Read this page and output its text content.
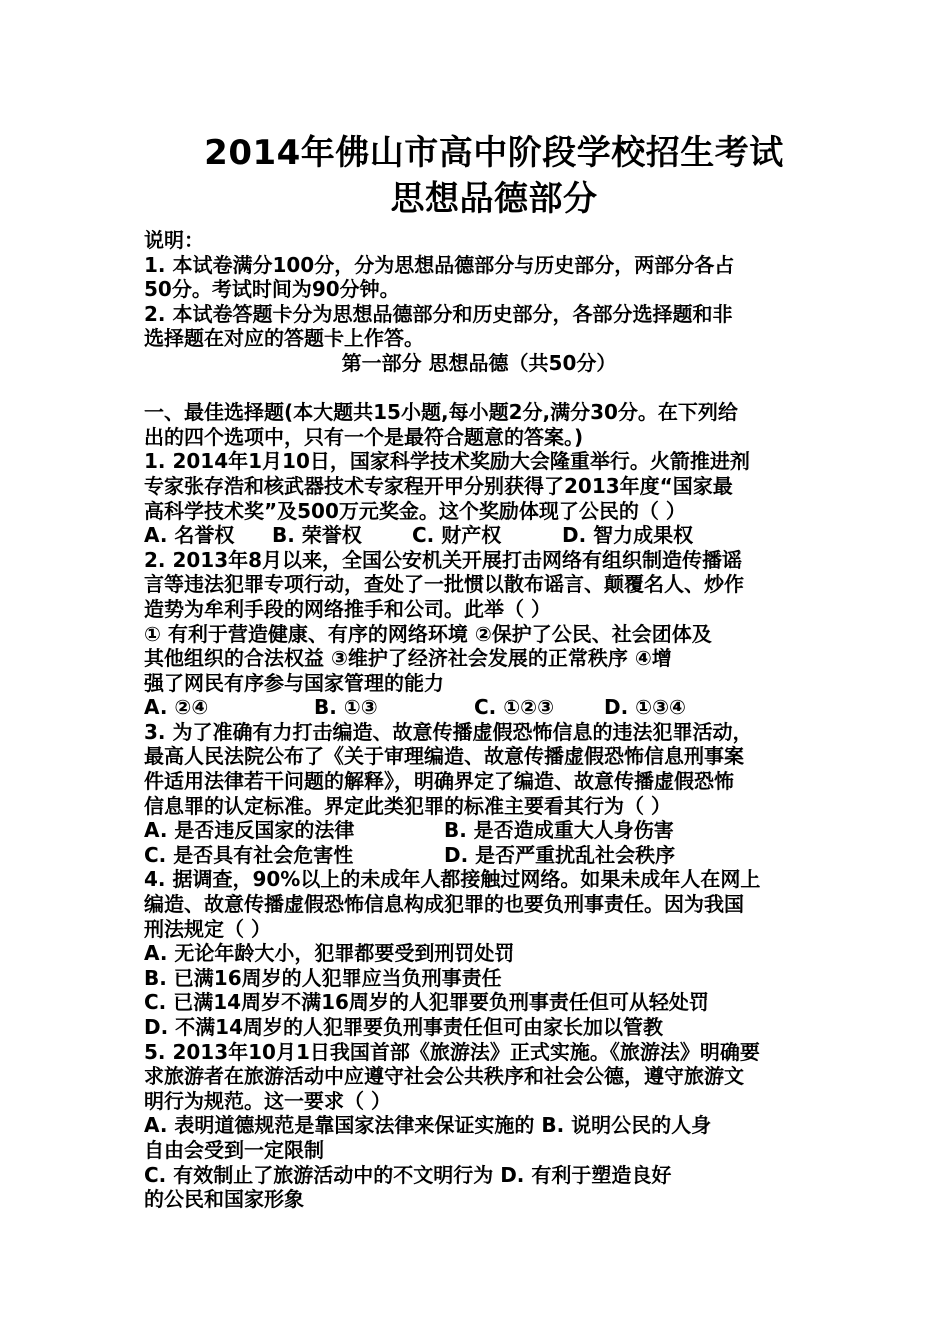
2014年佛山市高中阶段学校招生考试
思想品德部分

说明：

1. 本试卷满分100分，分为思想品德部分与历史部分，两部分各占

50分。考试时间为90分钟。

2. 本试卷答题卡分为思想品德部分和历史部分，各部分选择题和非

选择题在对应的答题卡上作答。

第一部分 思想品德（共50分）

一、最佳选择题(本大题共15小题,每小题2分,满分30分。在下列给

出的四个选项中，只有一个是最符合题意的答案。)

1. 2014年1月10日，国家科学技术奖励大会隆重举行。火箭推进剂

专家张存浩和核武器技术专家程开甲分别获得了2013年度“国家最

高科学技术奖”及500万元奖金。这个奖励体现了公民的（ ）

A. 名誉权	B. 荣誉权	C. 财产权	D. 智力成果权

2. 2013年8月以来，全国公安机关开展打击网络有组织制造传播谣

言等违法犯罪专项行动，查处了一批惯以散布谣言、颠覆名人、炒作

造势为牟利手段的网络推手和公司。此举（ ）

① 有利于营造健康、有序的网络环境 ②保护了公民、社会团体及

其他组织的合法权益 ③维护了经济社会发展的正常秩序 ④增

强了网民有序参与国家管理的能力

A. ②④	B. ①③	C. ①②③	D. ①③④

3. 为了准确有力打击编造、故意传播虚假恐怖信息的违法犯罪活动，

最高人民法院公布了《关于审理编造、故意传播虚假恐怖信息刑事案

件适用法律若干问题的解释》，明确界定了编造、故意传播虚假恐怖

信息罪的认定标准。界定此类犯罪的标准主要看其行为（ ）

A. 是否违反国家的法律	B. 是否造成重大人身伤害

C. 是否具有社会危害性	D. 是否严重扰乱社会秩序

4. 据调查，90%以上的未成年人都接触过网络。如果未成年人在网上

编造、故意传播虚假恐怖信息构成犯罪的也要负刑事责任。因为我国

刑法规定（ ）

A. 无论年龄大小，犯罪都要受到刑罚处罚

B. 已满16周岁的人犯罪应当负刑事责任

C. 已满14周岁不满16周岁的人犯罪要负刑事责任但可从轻处罚

D. 不满14周岁的人犯罪要负刑事责任但可由家长加以管教

5. 2013年10月1日我国首部《旅游法》正式实施。《旅游法》明确要

求旅游者在旅游活动中应遵守社会公共秩序和社会公德，遵守旅游文

明行为规范。这一要求（ ）

A. 表明道德规范是靠国家法律来保证实施的 B. 说明公民的人身

自由会受到一定限制

C. 有效制止了旅游活动中的不文明行为 D. 有利于塑造良好

的公民和国家形象
